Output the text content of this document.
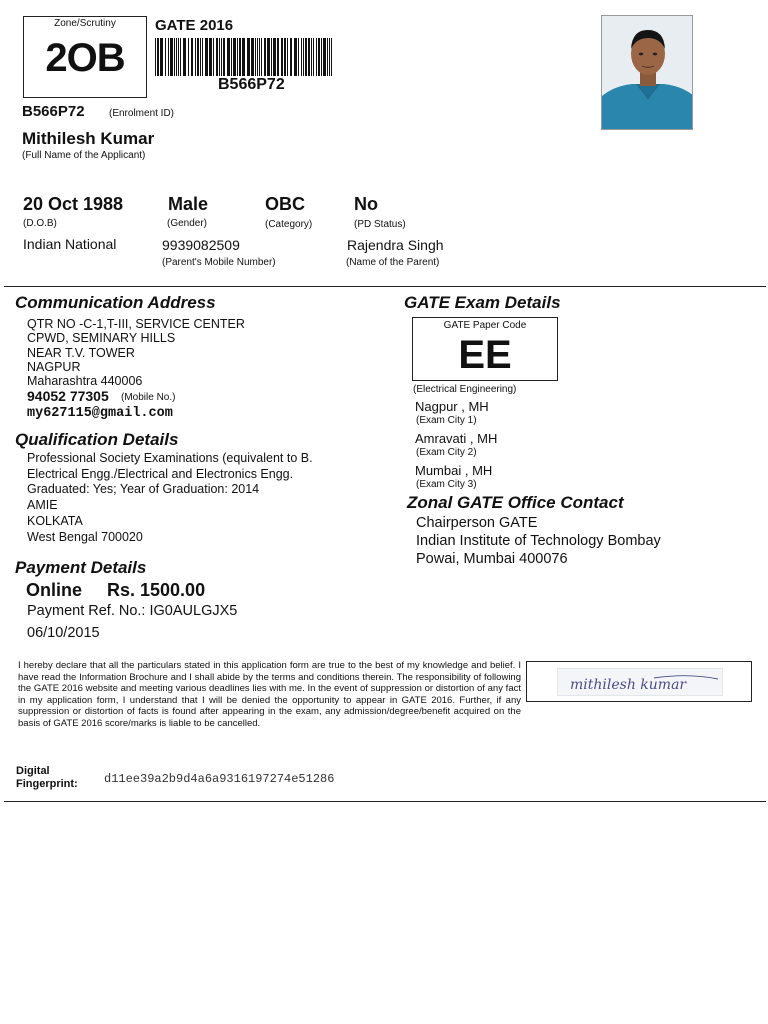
Zone/Scrutiny
2OB
GATE 2016
B566P72
B566P72 (Enrolment ID)
Mithilesh Kumar
(Full Name of the Applicant)
20 Oct 1988
(D.O.B)
Male
(Gender)
OBC
(Category)
No
(PD Status)
Indian National	9939082509
(Parent's Mobile Number)
Rajendra Singh
(Name of the Parent)
Communication Address
QTR NO -C-1,T-III, SERVICE CENTER
CPWD, SEMINARY HILLS
NEAR T.V. TOWER
NAGPUR
Maharashtra 440006
94052 77305 (Mobile No.)
my627115@gmail.com
Qualification Details
Professional Society Examinations (equivalent to B.
Electrical Engg./Electrical and Electronics Engg.
Graduated: Yes; Year of Graduation: 2014
AMIE
KOLKATA
West Bengal 700020
Payment Details
Online Rs. 1500.00
Payment Ref. No.: IG0AULGJX5
06/10/2015
GATE Exam Details
GATE Paper Code
EE
(Electrical Engineering)
Nagpur , MH
(Exam City 1)
Amravati , MH
(Exam City 2)
Mumbai , MH
(Exam City 3)
Zonal GATE Office Contact
Chairperson GATE
Indian Institute of Technology Bombay
Powai, Mumbai 400076
I hereby declare that all the particulars stated in this application form are true to the best of my knowledge and belief. I have read the Information Brochure and I shall abide by the terms and conditions therein. The responsibility of following the GATE 2016 website and meeting various deadlines lies with me. In the event of suppression or distortion of any fact in my application form, I understand that I will be denied the opportunity to appear in GATE 2016. Further, if any suppression or distortion of facts is found after appearing in the exam, any admission/degree/benefit acquired on the basis of GATE 2016 score/marks is liable to be cancelled.
mithilesh kumar
Digital
Fingerprint: d11ee39a2b9d4a6a9316197274e51286
